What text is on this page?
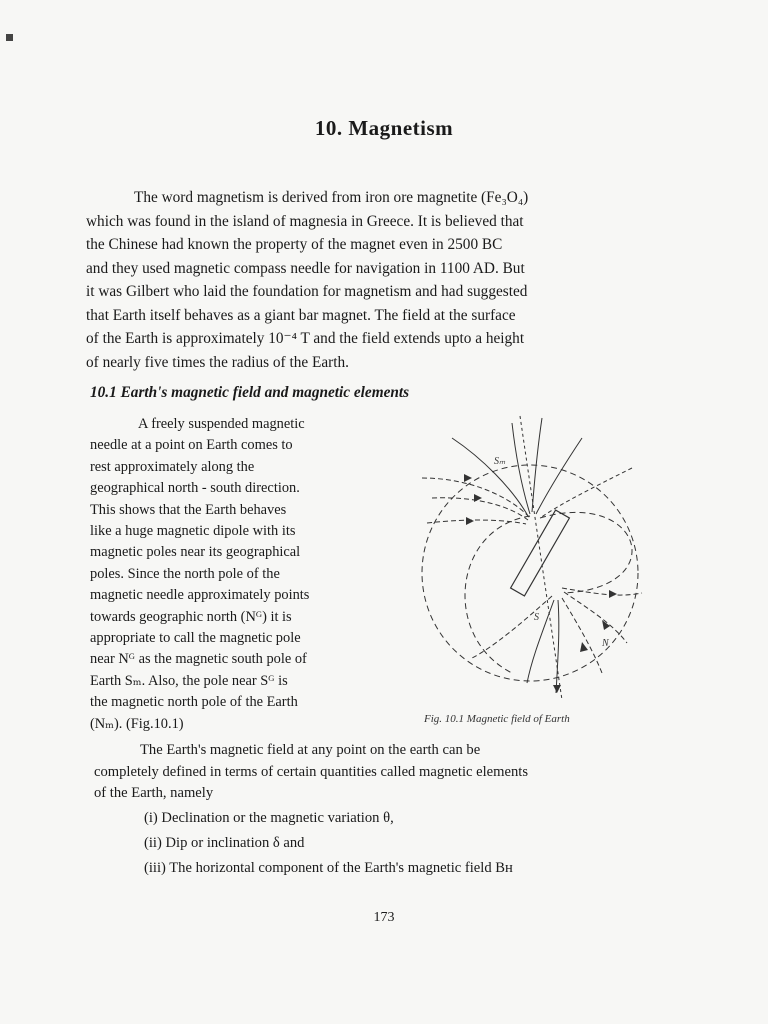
10. Magnetism

The word magnetism is derived from iron ore magnetite (Fe₃O₄)
which was found in the island of magnesia in Greece. It is believed that
the Chinese had known the property of the magnet even in 2500 BC
and they used magnetic compass needle for navigation in 1100 AD. But
it was Gilbert who laid the foundation for magnetism and had suggested
that Earth itself behaves as a giant bar magnet. The field at the surface
of the Earth is approximately 10⁻⁴ T and the field extends upto a height
of nearly five times the radius of the Earth.

10.1 Earth's magnetic field and magnetic elements

A freely suspended magnetic
needle at a point on Earth comes to
rest approximately along the
geographical north - south direction.
This shows that the Earth behaves
like a huge magnetic dipole with its
magnetic poles near its geographical
poles. Since the north pole of the
magnetic needle approximately points
towards geographic north (Nᴳ) it is
appropriate to call the magnetic pole
near Nᴳ as the magnetic south pole of
Earth Sₘ. Also, the pole near Sᴳ is
the magnetic north pole of the Earth
(Nₘ). (Fig.10.1)

Sₘ
S
N
Fig. 10.1 Magnetic field of Earth

The Earth's magnetic field at any point on the earth can be
completely defined in terms of certain quantities called magnetic elements
of the Earth, namely

(i) Declination or the magnetic variation θ,
(ii) Dip or inclination δ and
(iii) The horizontal component of the Earth's magnetic field Bʜ
173
